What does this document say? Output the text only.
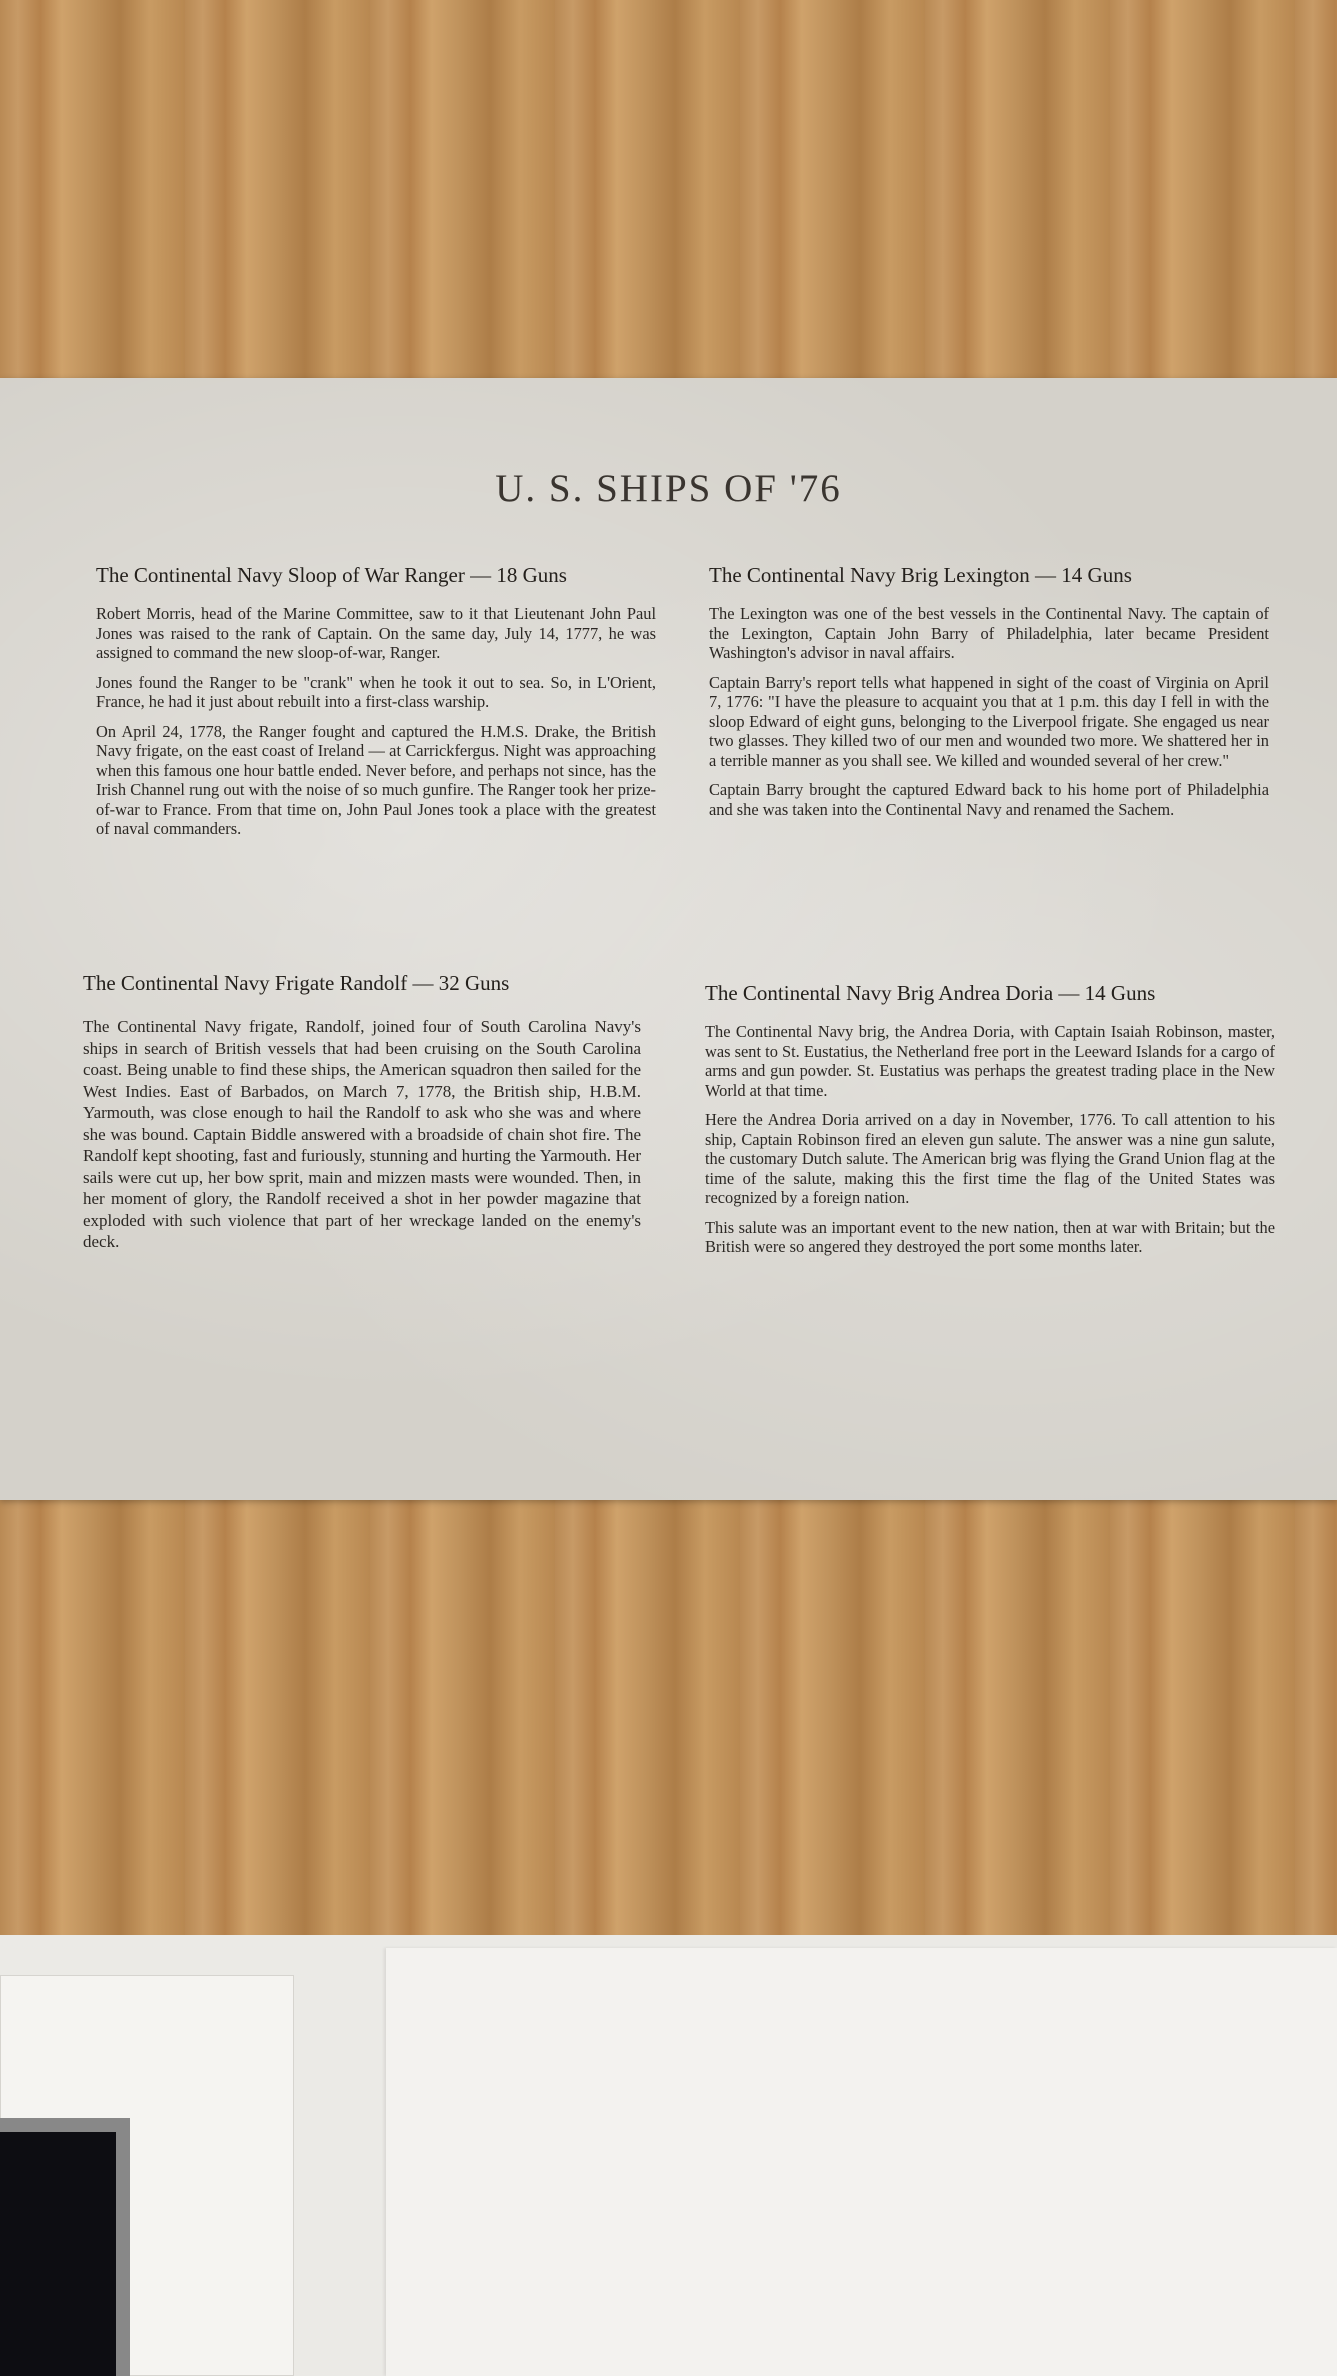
U. S. SHIPS OF '76
The Continental Navy Sloop of War Ranger — 18 Guns

Robert Morris, head of the Marine Committee, saw to it that Lieutenant John Paul Jones was raised to the rank of Captain. On the same day, July 14, 1777, he was assigned to command the new sloop-of-war, Ranger.

Jones found the Ranger to be "crank" when he took it out to sea. So, in L'Orient, France, he had it just about rebuilt into a first-class warship.

On April 24, 1778, the Ranger fought and captured the H.M.S. Drake, the British Navy frigate, on the east coast of Ireland — at Carrickfergus. Night was approaching when this famous one hour battle ended. Never before, and perhaps not since, has the Irish Channel rung out with the noise of so much gunfire. The Ranger took her prize-of-war to France. From that time on, John Paul Jones took a place with the greatest of naval commanders.

The Continental Navy Brig Lexington — 14 Guns

The Lexington was one of the best vessels in the Continental Navy. The captain of the Lexington, Captain John Barry of Philadelphia, later became President Washington's advisor in naval affairs.

Captain Barry's report tells what happened in sight of the coast of Virginia on April 7, 1776: "I have the pleasure to acquaint you that at 1 p.m. this day I fell in with the sloop Edward of eight guns, belonging to the Liverpool frigate. She engaged us near two glasses. They killed two of our men and wounded two more. We shattered her in a terrible manner as you shall see. We killed and wounded several of her crew."

Captain Barry brought the captured Edward back to his home port of Philadelphia and she was taken into the Continental Navy and renamed the Sachem.

The Continental Navy Frigate Randolf — 32 Guns

The Continental Navy frigate, Randolf, joined four of South Carolina Navy's ships in search of British vessels that had been cruising on the South Carolina coast. Being unable to find these ships, the American squadron then sailed for the West Indies. East of Barbados, on March 7, 1778, the British ship, H.B.M. Yarmouth, was close enough to hail the Randolf to ask who she was and where she was bound. Captain Biddle answered with a broadside of chain shot fire. The Randolf kept shooting, fast and furiously, stunning and hurting the Yarmouth. Her sails were cut up, her bow sprit, main and mizzen masts were wounded. Then, in her moment of glory, the Randolf received a shot in her powder magazine that exploded with such violence that part of her wreckage landed on the enemy's deck.

The Continental Navy Brig Andrea Doria — 14 Guns

The Continental Navy brig, the Andrea Doria, with Captain Isaiah Robinson, master, was sent to St. Eustatius, the Netherland free port in the Leeward Islands for a cargo of arms and gun powder. St. Eustatius was perhaps the greatest trading place in the New World at that time.

Here the Andrea Doria arrived on a day in November, 1776. To call attention to his ship, Captain Robinson fired an eleven gun salute. The answer was a nine gun salute, the customary Dutch salute. The American brig was flying the Grand Union flag at the time of the salute, making this the first time the flag of the United States was recognized by a foreign nation.

This salute was an important event to the new nation, then at war with Britain; but the British were so angered they destroyed the port some months later.
